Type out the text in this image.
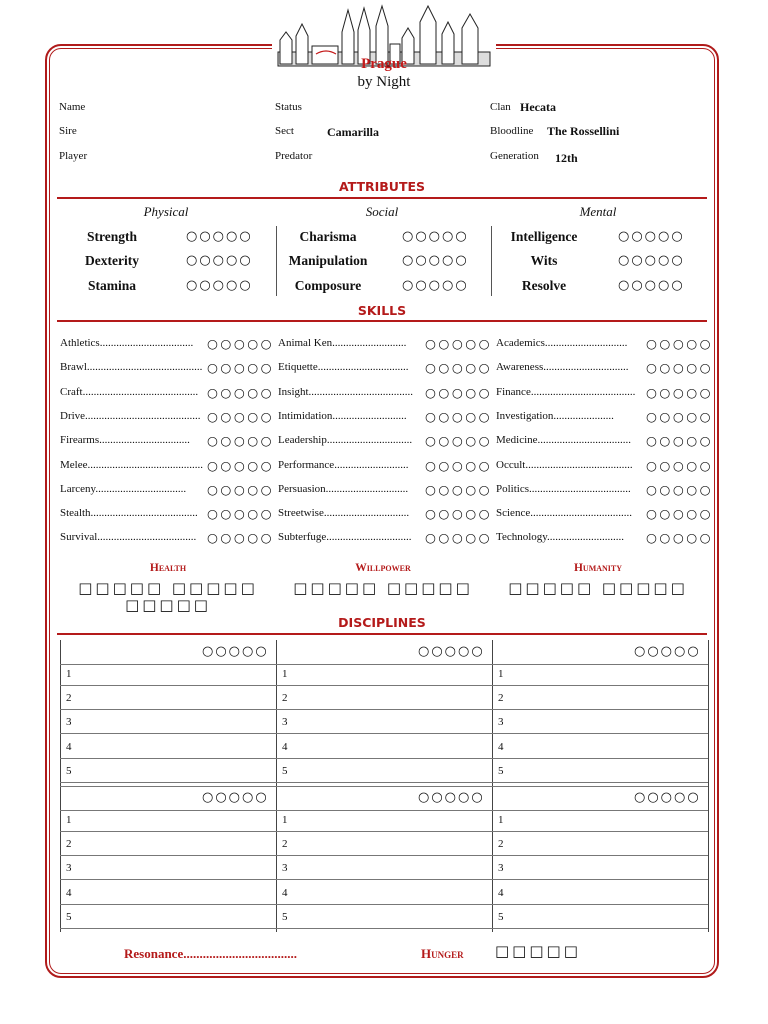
Prague
by Night
Name
Sire
Player
Status
Sect	Camarilla
Predator
Clan Hecata
Bloodline The Rossellini
Generation 12th
ATTRIBUTES
Physical	Social	Mental
Strength	○○○○○
Dexterity	○○○○○
Stamina	○○○○○
Charisma	○○○○○
Manipulation	○○○○○
Composure	○○○○○
Intelligence	○○○○○
Wits	○○○○○
Resolve	○○○○○
SKILLS
Athletics..................................	○○○○○
Brawl.......................................... ○○○○○
Craft.......................................... ○○○○○
Drive.......................................... ○○○○○
Firearms.................................	○○○○○
Melee.......................................... ○○○○○
Larceny.................................	○○○○○
Stealth....................................... ○○○○○
Survival.................................... ○○○○○
Animal Ken...........................	○○○○○
Etiquette.................................	○○○○○
Insight...................................... ○○○○○
Intimidation...........................	○○○○○
Leadership...............................	○○○○○
Performance...........................	○○○○○
Persuasion..............................	○○○○○
Streetwise...............................	○○○○○
Subterfuge...............................	○○○○○
Academics..............................	○○○○○
Awareness...............................	○○○○○
Finance...................................... ○○○○○
Investigation......................	○○○○○
Medicine..................................	○○○○○
Occult.......................................	○○○○○
Politics.....................................	○○○○○
Science.....................................	○○○○○
Technology............................	○○○○○
Health
□□□□□ □□□□□
□□□□□
Willpower
□□□□□ □□□□□
Humanity
□□□□□ □□□□□
DISCIPLINES
○○○○○
1
2
3
4
5
○○○○○
1
2
3
4
5
○○○○○
1
2
3
4
5
○○○○○
1
2
3
4
5
○○○○○
1
2
3
4
5
○○○○○
1
2
3
4
5
Resonance...................................	Hunger □□□□□
